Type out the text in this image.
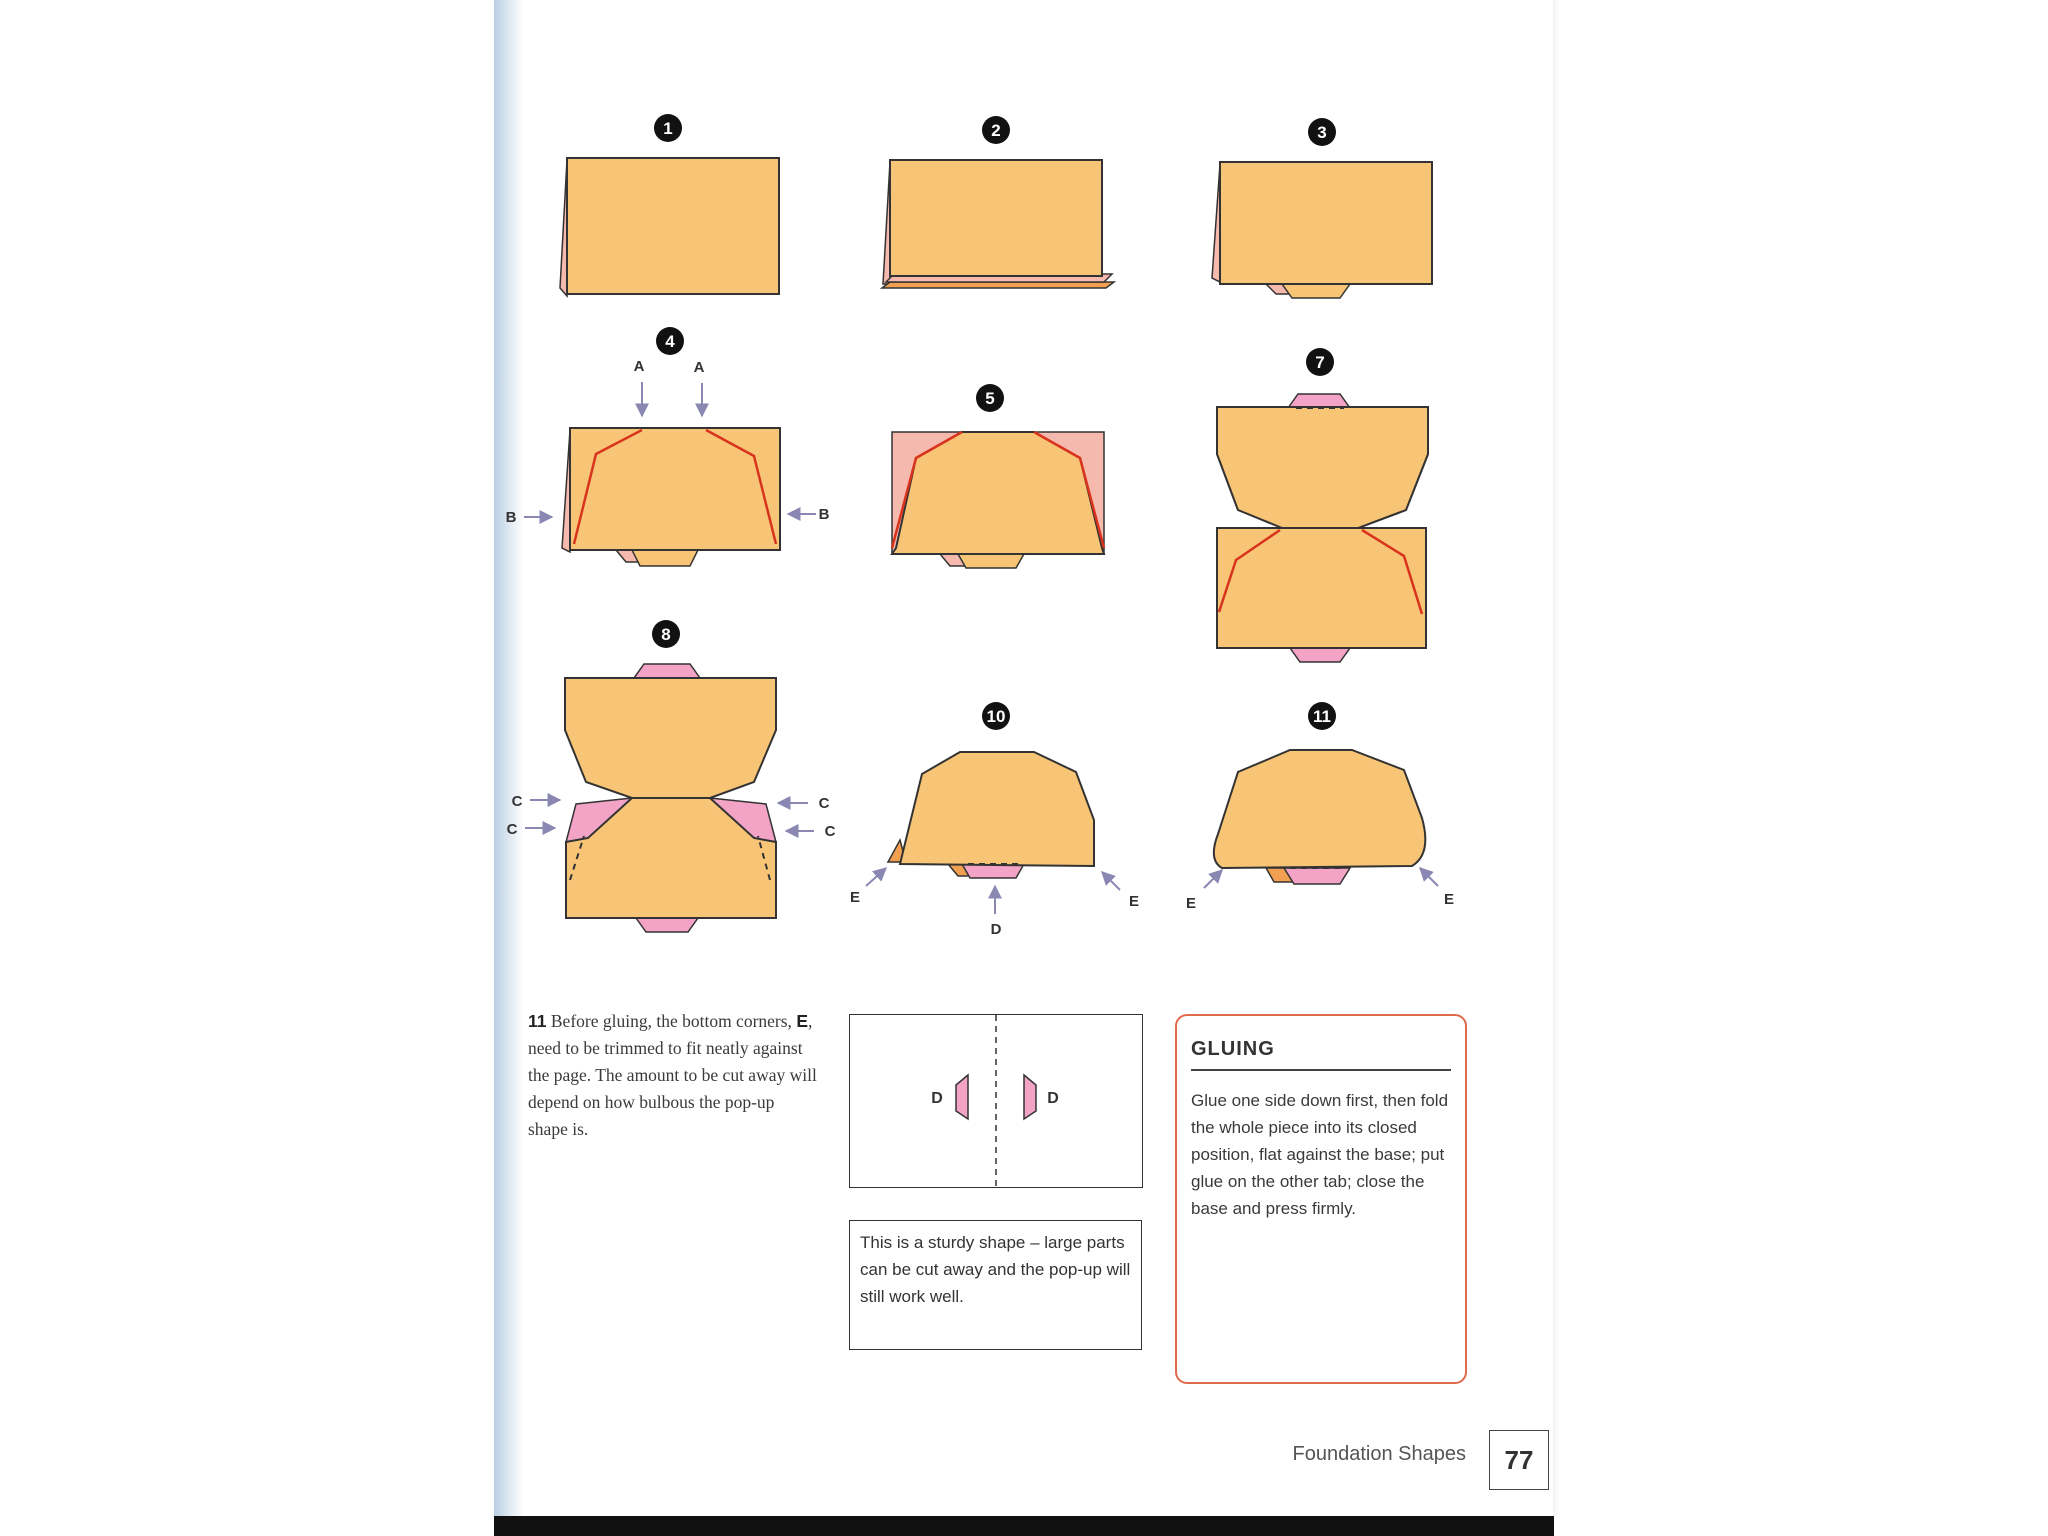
1	2	3
4
A	A
B	B
5
7
8
C
C
C
C
10
E	E
D
11
E	E
11 Before gluing, the bottom corners, E, need to be trimmed to fit neatly against the page. The amount to be cut away will depend on how bulbous the pop-up shape is.
D	D
This is a sturdy shape – large parts can be cut away and the pop-up will still work well.
GLUING
Glue one side down first, then fold the whole piece into its closed position, flat against the base; put glue on the other tab; close the base and press firmly.
Foundation Shapes	77
